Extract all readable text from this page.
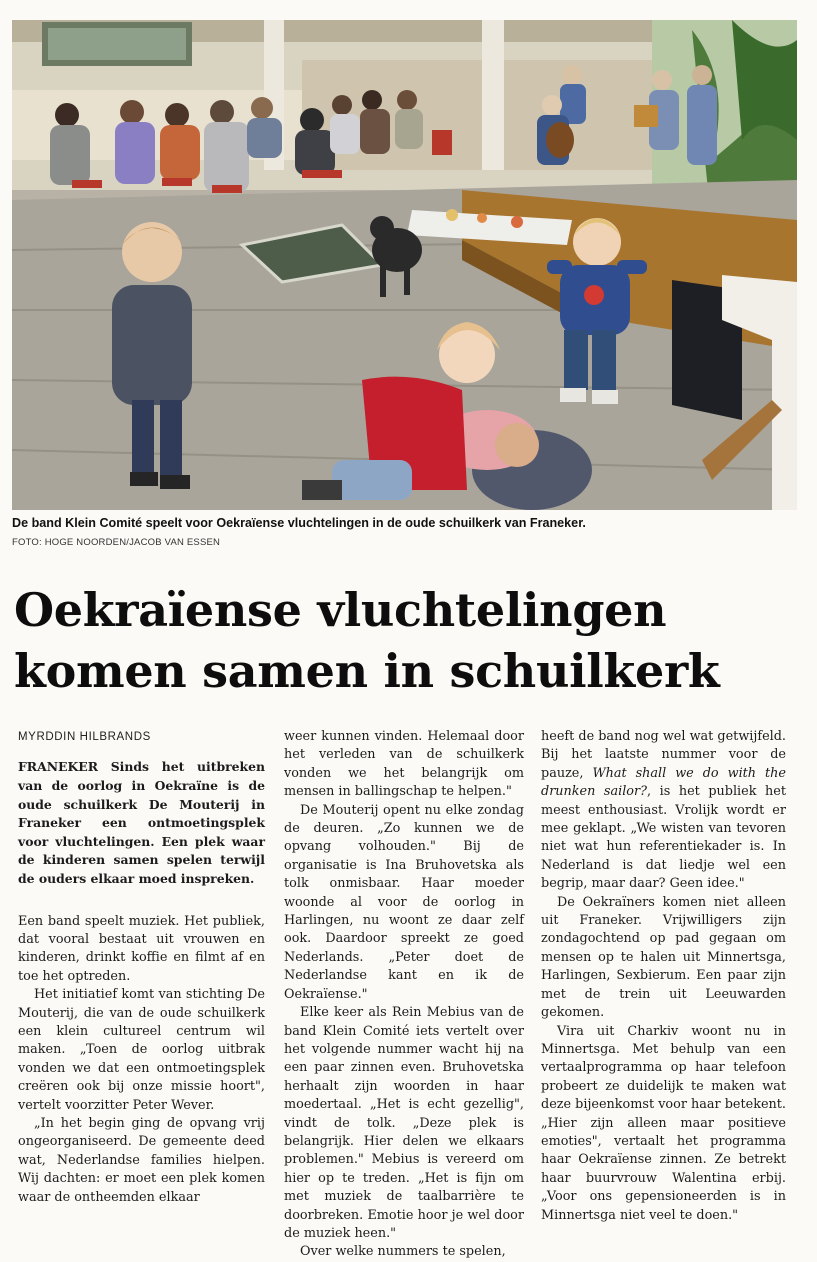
De band Klein Comité speelt voor Oekraïense vluchtelingen in de oude schuilkerk van Franeker.
FOTO: HOGE NOORDEN/JACOB VAN ESSEN
Oekraïense vluchtelingen
komen samen in schuilkerk

MYRDDIN HILBRANDS

FRANEKER Sinds het uitbreken van de oorlog in Oekraïne is de oude schuilkerk De Mouterij in Franeker een ontmoetingsplek voor vluchtelingen. Een plek waar de kinderen samen spelen terwijl de ouders elkaar moed inspreken.

Een band speelt muziek. Het publiek, dat vooral bestaat uit vrouwen en kinderen, drinkt koffie en filmt af en toe het optreden.

Het initiatief komt van stichting De Mouterij, die van de oude schuilkerk een klein cultureel centrum wil maken. „Toen de oorlog uitbrak vonden we dat een ontmoetingsplek creëren ook bij onze missie hoort", vertelt voorzitter Peter Wever.

„In het begin ging de opvang vrij ongeorganiseerd. De gemeente deed wat, Nederlandse families hielpen. Wij dachten: er moet een plek komen waar de ontheemden elkaar

weer kunnen vinden. Helemaal door het verleden van de schuilkerk vonden we het belangrijk om mensen in ballingschap te helpen."

De Mouterij opent nu elke zondag de deuren. „Zo kunnen we de opvang volhouden." Bij de organisatie is Ina Bruhovetska als tolk onmisbaar. Haar moeder woonde al voor de oorlog in Harlingen, nu woont ze daar zelf ook. Daardoor spreekt ze goed Nederlands. „Peter doet de Nederlandse kant en ik de Oekraïense."

Elke keer als Rein Mebius van de band Klein Comité iets vertelt over het volgende nummer wacht hij na een paar zinnen even. Bruhovetska herhaalt zijn woorden in haar moedertaal. „Het is echt gezellig", vindt de tolk. „Deze plek is belangrijk. Hier delen we elkaars problemen." Mebius is vereerd om hier op te treden. „Het is fijn om met muziek de taalbarrière te doorbreken. Emotie hoor je wel door de muziek heen."

Over welke nummers te spelen,

heeft de band nog wel wat getwijfeld. Bij het laatste nummer voor de pauze, What shall we do with the drunken sailor?, is het publiek het meest enthousiast. Vrolijk wordt er mee geklapt. „We wisten van tevoren niet wat hun referentiekader is. In Nederland is dat liedje wel een begrip, maar daar? Geen idee."

De Oekraïners komen niet alleen uit Franeker. Vrijwilligers zijn zondagochtend op pad gegaan om mensen op te halen uit Minnertsga, Harlingen, Sexbierum. Een paar zijn met de trein uit Leeuwarden gekomen.

Vira uit Charkiv woont nu in Minnertsga. Met behulp van een vertaalprogramma op haar telefoon probeert ze duidelijk te maken wat deze bijeenkomst voor haar betekent. „Hier zijn alleen maar positieve emoties", vertaalt het programma haar Oekraïense zinnen. Ze betrekt haar buurvrouw Walentina erbij. „Voor ons gepensioneerden is in Minnertsga niet veel te doen."
